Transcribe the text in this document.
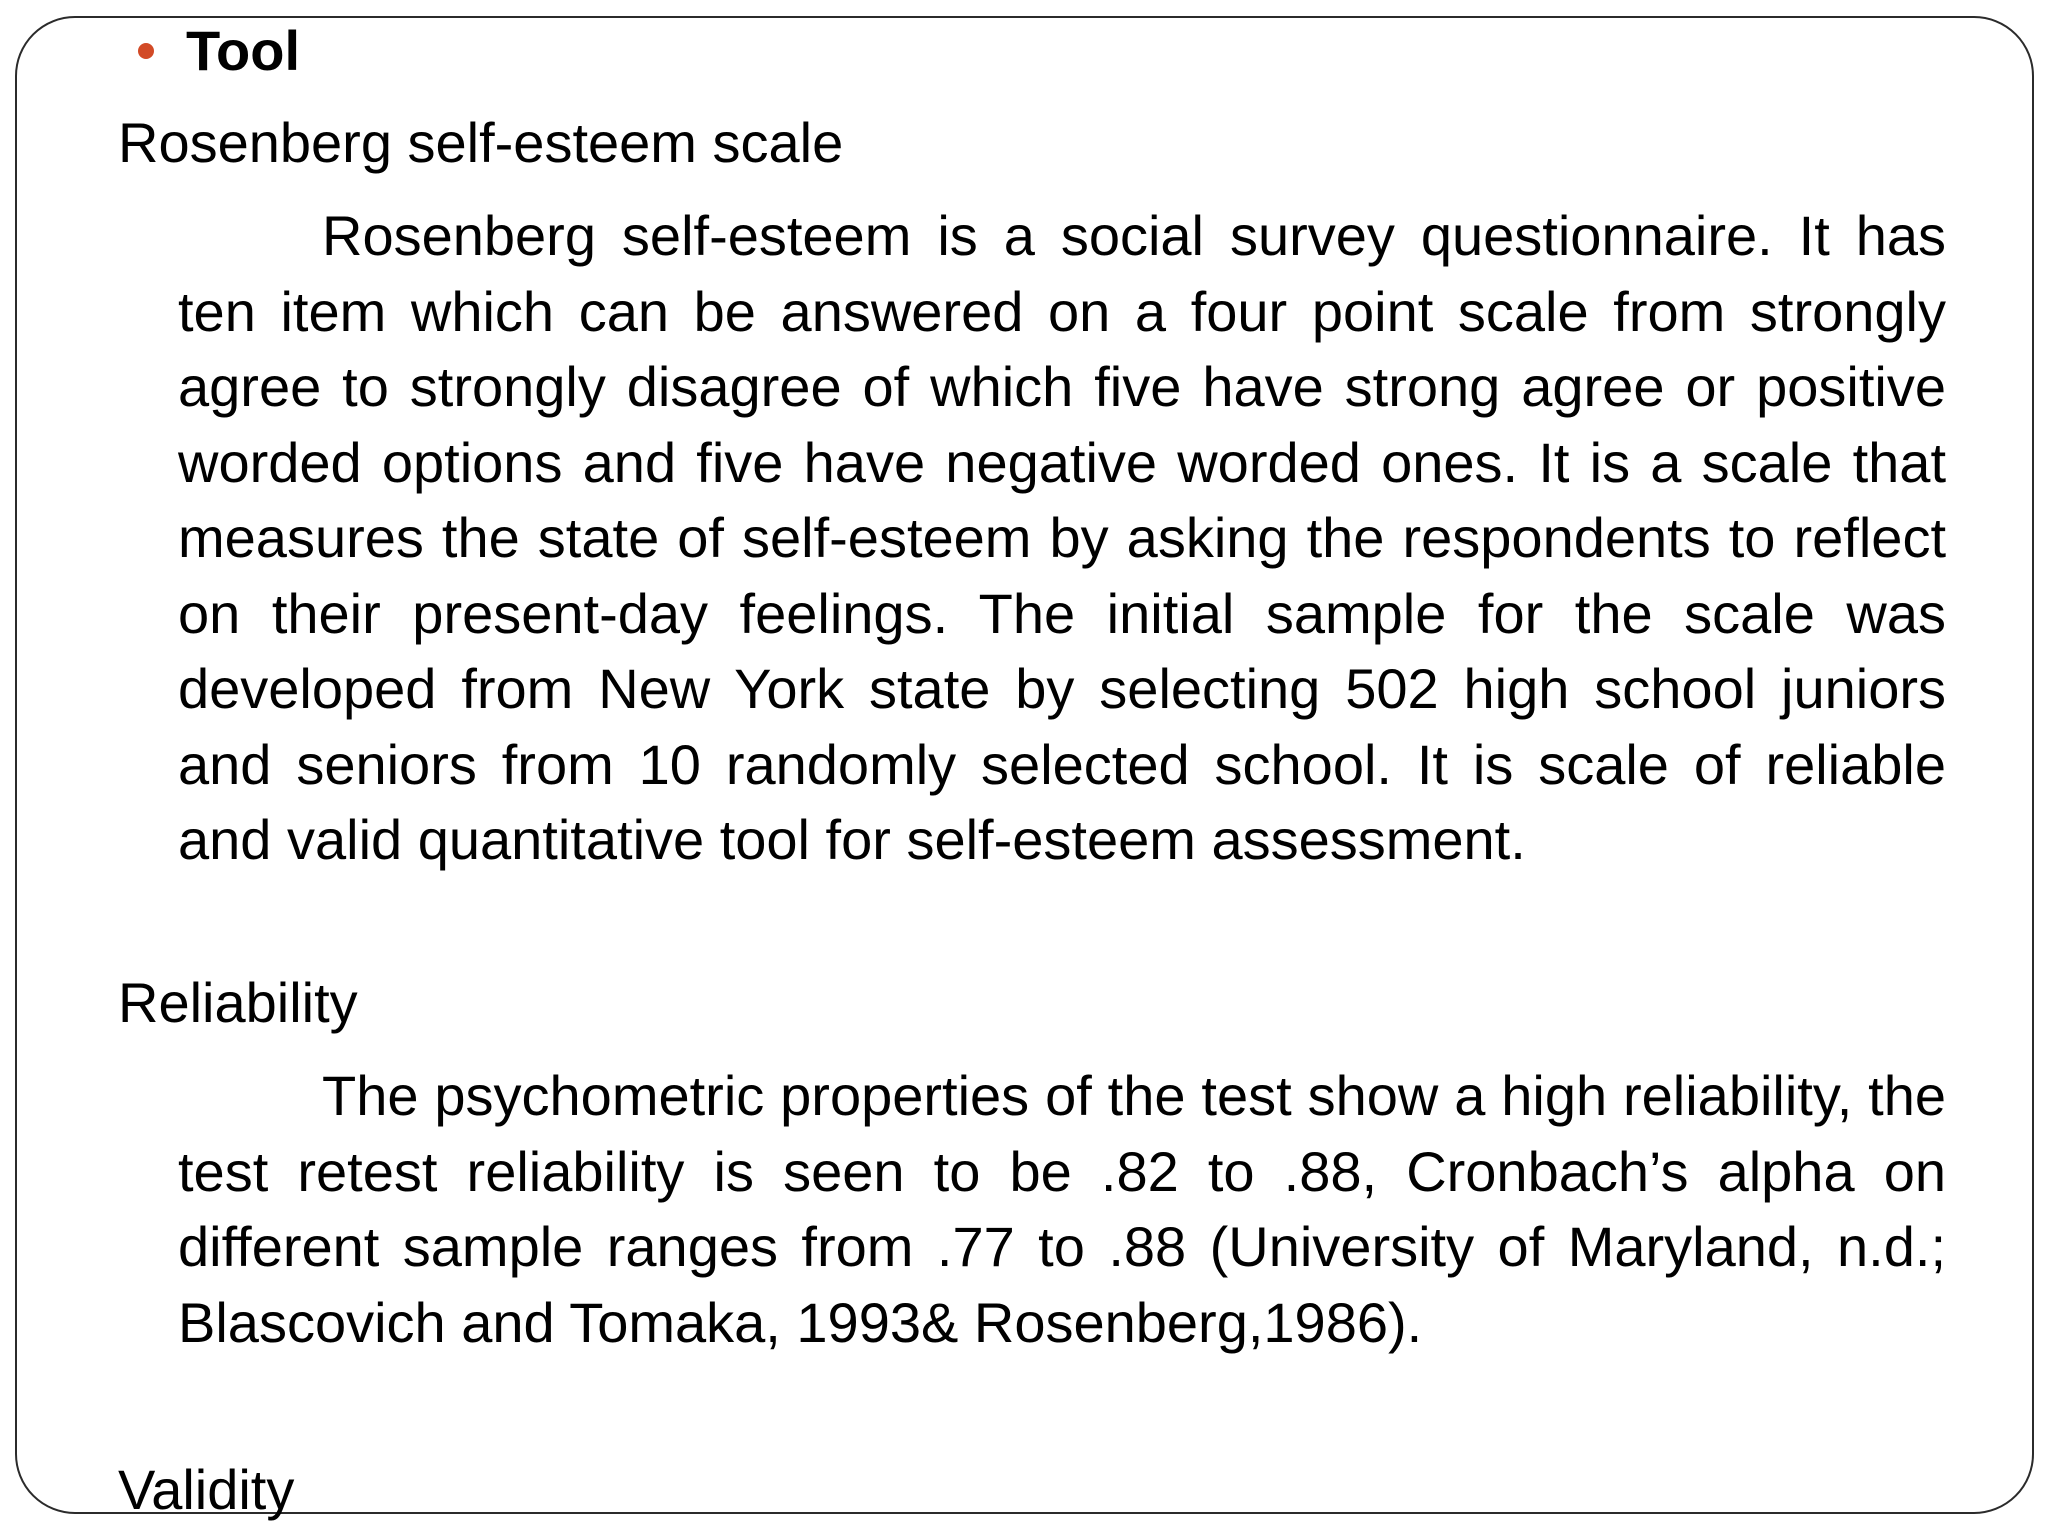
Tool
Rosenberg self-esteem scale

Rosenberg self-esteem is a social survey questionnaire. It has ten item which can be answered on a four point scale from strongly agree to strongly disagree of which five have strong agree or positive worded options and five have negative worded ones. It is a scale that measures the state of self-esteem by asking the respondents to reflect on their present-day feelings. The initial sample for the scale was developed from New York state by selecting 502 high school juniors and seniors from 10 randomly selected school. It is scale of reliable and valid quantitative tool for self-esteem assessment.

Reliability

The psychometric properties of the test show a high reliability, the test retest reliability is seen to be .82 to .88, Cronbach’s alpha on different sample ranges from .77 to .88 (University of Maryland, n.d.; Blascovich and Tomaka, 1993& Rosenberg,1986).

Validity
